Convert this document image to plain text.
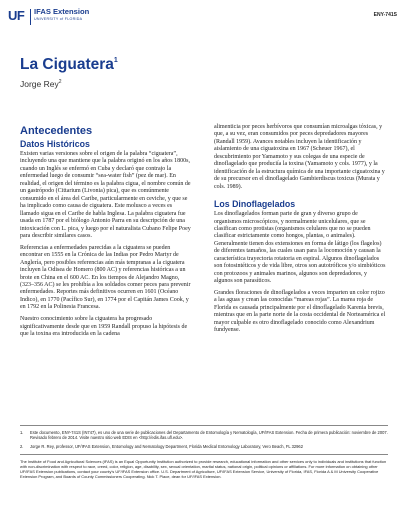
UF IFAS Extension
UNIVERSITY of FLORIDA
ENY-741S
La Ciguatera$^1$
Jorge Rey$^2$
Antecedentes
Datos Históricos

Existen varias versiones sobre el origen de la palabra “ciguatera”, incluyendo una que mantiene que la palabra originó en los años 1800s, cuando un Inglés se enfermó en Cuba y declaró que contrajo la enfermedad luego de consumir “sea-water fish” (pez de mar). En realidad, el origen del término es la palabra cigua, el nombre común de un gastrópodo (Cittarium (Livonia) pica), que es comúnmente consumido en el área del Caribe, particularmente en ceviche, y que se ha implicado como causa de ciguatera. Este molusco a veces es llamado sigua en el Caribe de habla Inglesa. La palabra ciguatera fue usada en 1787 por el biólogo Antonio Parra en su descripción de una intoxicación con L. pica, y luego por el naturalista Cubano Felipe Poey para describir similares casos.

Referencias a enfermedades parecidas a la ciguatera se pueden encontrar en 1555 en la Crónica de las Indias por Pedro Martyr de Anglería, pero posibles referencias aún más tempranas a la ciguatera incluyen la Odisea de Homero (800 AC) y referencias históricas a un brote en China en el 600 AC. En los tiempos de Alejandro Magno, (323–356 AC) se les prohibía a los soldados comer peces para prevenir enfermedades. Reportes más definitivos ocurren en 1601 (Océano Indico), en 1770 (Pacífico Sur), en 1774 por el Capitán James Cook, y en 1792 en la Polinesia Francesa.

Nuestro conocimiento sobre la ciguatera ha progresado significativamente desde que en 1959 Randall propuso la hipótesis de que la toxina era introducida en la cadena

alimenticia por peces herbívoros que consumían microalgas tóxicas, y que, a su vez, eran consumidos por peces depredadores mayores (Randall 1959). Avances notables incluyen la identificación y aislamiento de una ciguatoxina en 1967 (Scheuer 1967), el descubrimiento por Yamamoto y sus colegas de una especie de dinoflagelado que produciía la toxina (Yamamoto y cols. 1977), y la identificación de la estructura química de una importante ciguatoxina y de su precursor en el dinoflagelado Gambierdiscus toxicus (Murata y cols. 1989).

Los Dinoflagelados

Los dinoflagelados forman parte de gran y diverso grupo de organismos microscópicos, y normalmente unicelulares, que se clasifican como protistas (organismos celulares que no se pueden clasificar estrictamente como hongos, plantas, o animales). Generalmente tienen dos extensiones en forma de látigo (los flagelos) de diferentes tamaños, las cuales usan para la locomoción y causan la característica trayectoria rotatoria en espiral. Algunos dinoflagelados son fotosintéticos y de vida libre, otros son autotróficos y/o simbióticos con protozoos y animales marinos, algunos son depredadores, y algunos son parasíticos.

Grandes floraciones de dinoflagelados a veces imparten un color rojizo a las aguas y crean las conocidas “mareas rojas”. La marea roja de Florida es causada principalmente por el dinoflagelado Karenia brevis, mientras que en la parte norte de la costa occidental de Norteamérica el mayor culpable es otro dinoflagelado conocido como Alexandrium fundyense.

1. Este documento, ENY-741S (IN747), es uno de una serie de publicaciones del Departamento de Entomología y Nematología, UF/IFAS Extension. Fecha de primera publicación: noviembre de 2007. Revisado febrero de 2014. Visite nuestro sitio web EDIS en <http://edis.ifas.ufl.edu>.
2. Jorge R. Rey, professor, UF/IFAS Extension, Entomology and Nematology Department, Florida Medical Entomology Laboratory, Vero Beach, FL 32962

The Institute of Food and Agricultural Sciences (IFAS) is an Equal Opportunity Institution authorized to provide research, educational information and other services only to individuals and institutions that function with non-discrimination with respect to race, creed, color, religion, age, disability, sex, sexual orientation, marital status, national origin, political opinions or affiliations. For more information on obtaining other UF/IFAS Extension publications, contact your county’s UF/IFAS Extension office. U.S. Department of Agriculture, UF/IFAS Extension Service, University of Florida, IFAS, Florida A & M University Cooperative Extension Program, and Boards of County Commissioners Cooperating. Nick T. Place, dean for UF/IFAS Extension.
